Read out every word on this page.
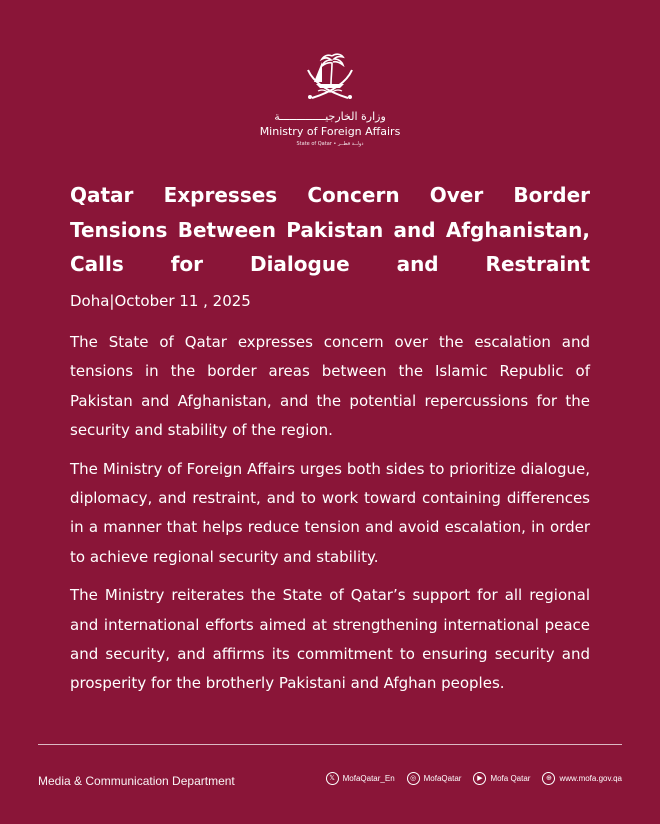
وزارة الخارجيــــــــــــــة
Ministry of Foreign Affairs
State of Qatar • دولــة قطــر
Qatar Expresses Concern Over Border Tensions Between Pakistan and Afghanistan, Calls for Dialogue and Restraint
Doha|October 11 , 2025

The State of Qatar expresses concern over the escalation and tensions in the border areas between the Islamic Republic of Pakistan and Afghanistan, and the potential repercussions for the security and stability of the region.

The Ministry of Foreign Affairs urges both sides to prioritize dialogue, diplomacy, and restraint, and to work toward containing differences in a manner that helps reduce tension and avoid escalation, in order to achieve regional security and stability.

The Ministry reiterates the State of Qatar’s support for all regional and international efforts aimed at strengthening international peace and security, and affirms its commitment to ensuring security and prosperity for the brotherly Pakistani and Afghan peoples.

Media & Communication Department	𝕏 MofaQatar_En	◎ MofaQatar	▶ Mofa Qatar	⊕ www.mofa.gov.qa
